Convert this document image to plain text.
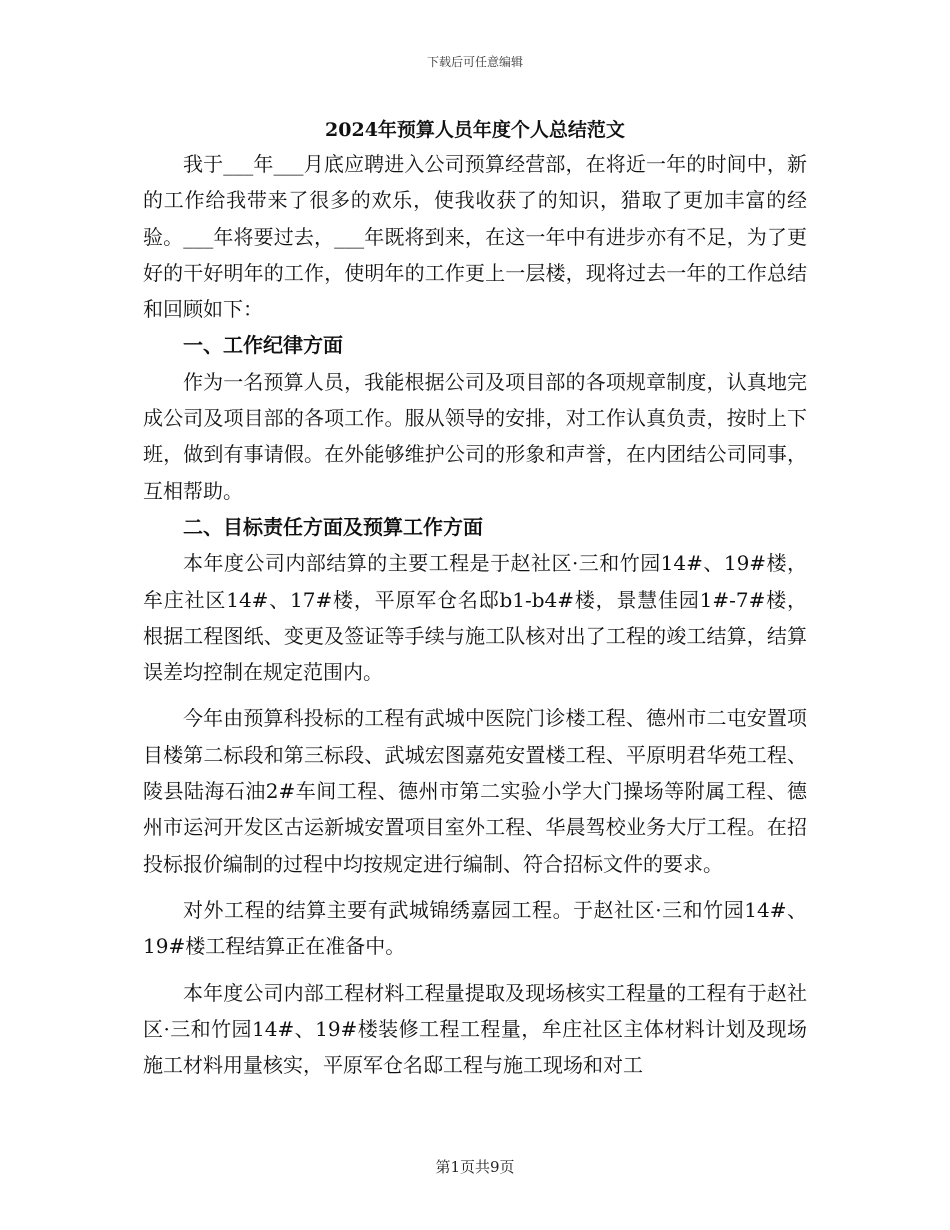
下载后可任意编辑
2024年预算人员年度个人总结范文

我于___年___月底应聘进入公司预算经营部，在将近一年的时间中，新的工作给我带来了很多的欢乐，使我收获了的知识，猎取了更加丰富的经验。___年将要过去，___年既将到来，在这一年中有进步亦有不足，为了更好的干好明年的工作，使明年的工作更上一层楼，现将过去一年的工作总结和回顾如下：

一、工作纪律方面

作为一名预算人员，我能根据公司及项目部的各项规章制度，认真地完成公司及项目部的各项工作。服从领导的安排，对工作认真负责，按时上下班，做到有事请假。在外能够维护公司的形象和声誉，在内团结公司同事，互相帮助。

二、目标责任方面及预算工作方面

本年度公司内部结算的主要工程是于赵社区·三和竹园14#、19#楼，牟庄社区14#、17#楼，平原军仓名邸b1-b4#楼，景慧佳园1#-7#楼，根据工程图纸、变更及签证等手续与施工队核对出了工程的竣工结算，结算误差均控制在规定范围内。

今年由预算科投标的工程有武城中医院门诊楼工程、德州市二屯安置项目楼第二标段和第三标段、武城宏图嘉苑安置楼工程、平原明君华苑工程、陵县陆海石油2#车间工程、德州市第二实验小学大门操场等附属工程、德州市运河开发区古运新城安置项目室外工程、华晨驾校业务大厅工程。在招投标报价编制的过程中均按规定进行编制、符合招标文件的要求。

对外工程的结算主要有武城锦绣嘉园工程。于赵社区·三和竹园14#、19#楼工程结算正在准备中。

本年度公司内部工程材料工程量提取及现场核实工程量的工程有于赵社区·三和竹园14#、19#楼装修工程工程量，牟庄社区主体材料计划及现场施工材料用量核实，平原军仓名邸工程与施工现场和对工

第1页共9页
